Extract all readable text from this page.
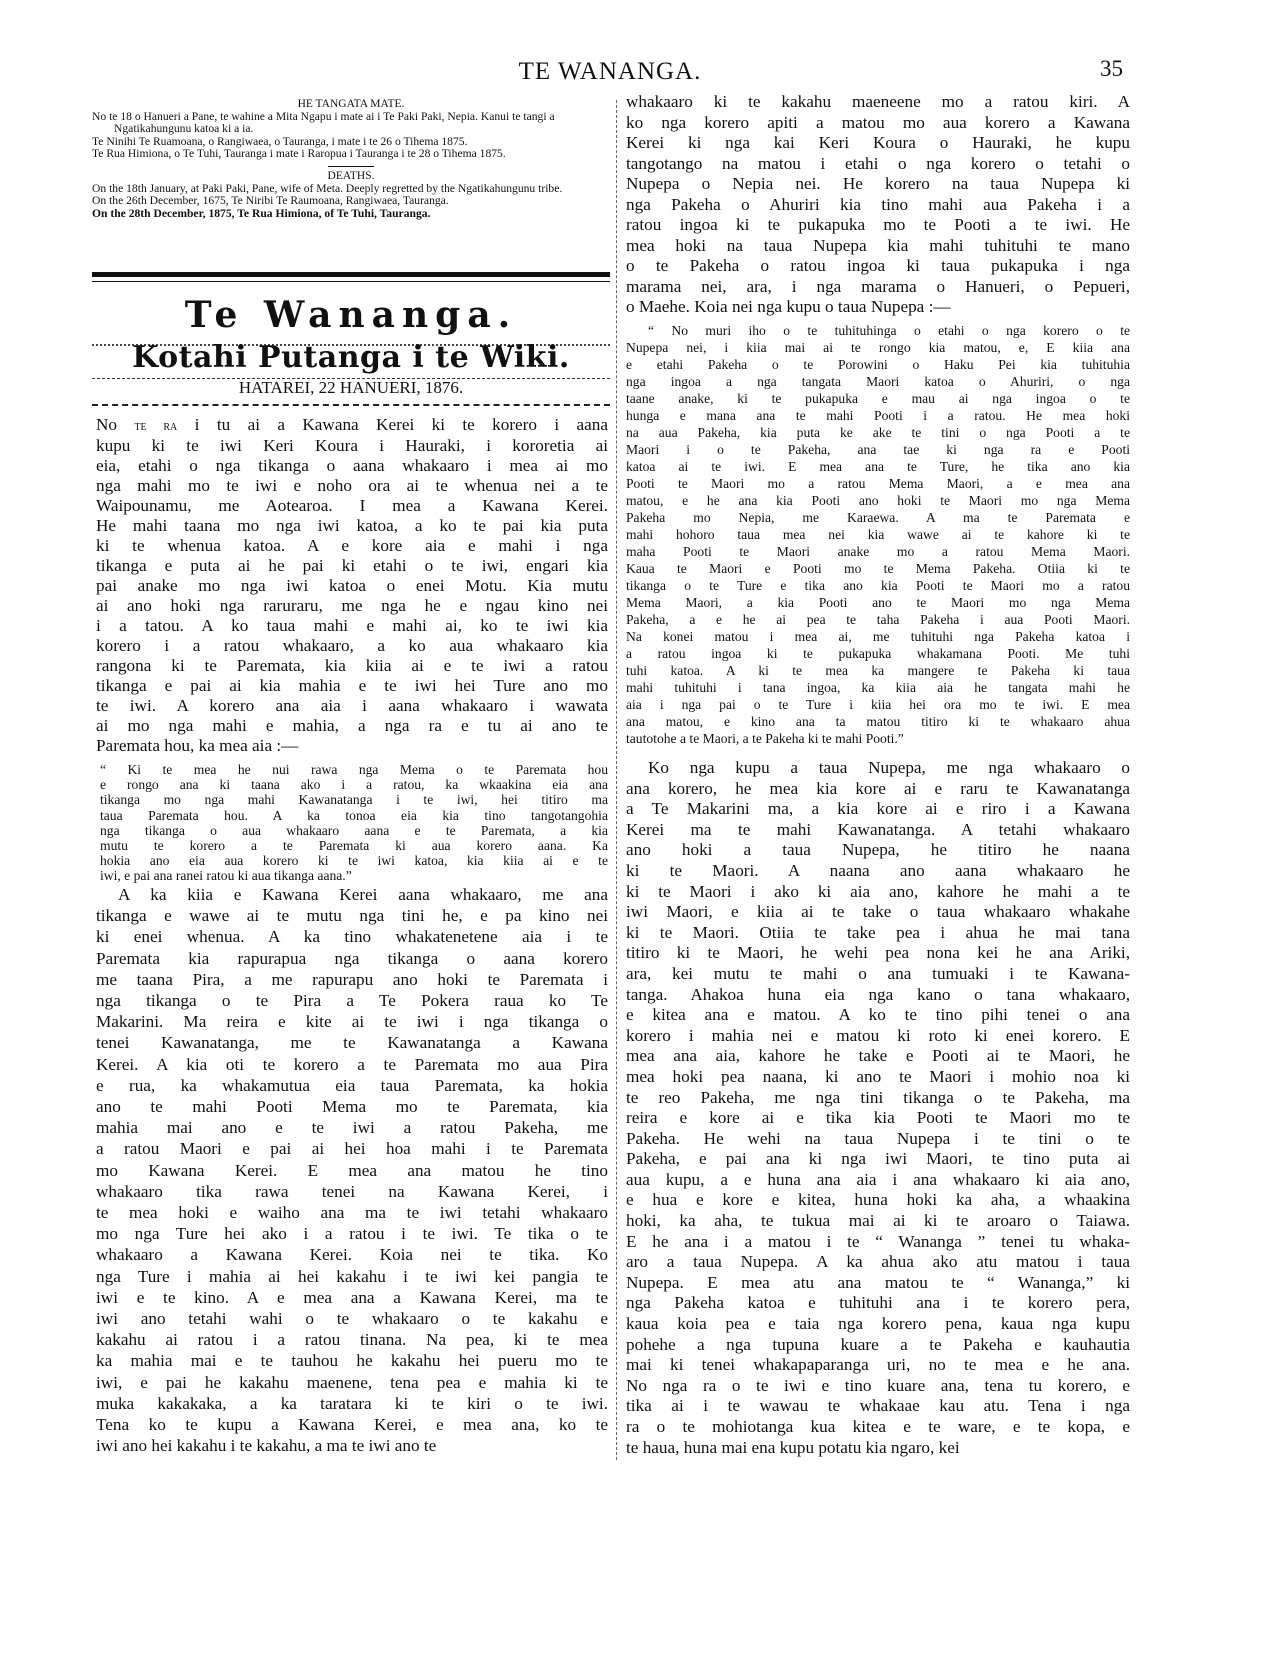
TE WANANGA.	35
HE TANGATA MATE.
No te 18 o Hanueri a Pane, te wahine a Mita Ngapu i mate ai i Te Paki Paki, Nepia. Kanui te tangi a Ngatikahungunu katoa ki a ia.
Te Ninihi Te Ruamoana, o Rangiwaea, o Tauranga, i mate i te 26 o Tihema 1875.
Te Rua Himiona, o Te Tuhi, Tauranga i mate i Raropua i Tauranga i te 28 o Tihema 1875.
DEATHS.
On the 18th January, at Paki Paki, Pane, wife of Meta. Deeply regretted by the Ngatikahungunu tribe.
On the 26th December, 1675, Te Niribi Te Raumoana, Rangiwaea, Tauranga.
On the 28th December, 1875, Te Rua Himiona, of Te Tuhi, Tauranga.
Te Wananga.
Kotahi Putanga i te Wiki.
HATAREI, 22 HANUERI, 1876.
No te ra i tu ai a Kawana Kerei ki te korero i aana
kupu ki te iwi Keri Koura i Hauraki, i kororetia ai
eia, etahi o nga tikanga o aana whakaaro i mea ai mo
nga mahi mo te iwi e noho ora ai te whenua nei a te
Waipounamu, me Aotearoa. I mea a Kawana Kerei.
He mahi taana mo nga iwi katoa, a ko te pai kia puta
ki te whenua katoa. A e kore aia e mahi i nga
tikanga e puta ai he pai ki etahi o te iwi, engari kia
pai anake mo nga iwi katoa o enei Motu. Kia mutu
ai ano hoki nga raruraru, me nga he e ngau kino nei
i a tatou. A ko taua mahi e mahi ai, ko te iwi kia
korero i a ratou whakaaro, a ko aua whakaaro kia
rangona ki te Paremata, kia kiia ai e te iwi a ratou
tikanga e pai ai kia mahia e te iwi hei Ture ano mo
te iwi. A korero ana aia i aana whakaaro i wawata
ai mo nga mahi e mahia, a nga ra e tu ai ano te
Paremata hou, ka mea aia :—
“ Ki te mea he nui rawa nga Mema o te Paremata hou
e rongo ana ki taana ako i a ratou, ka wkaakina eia ana
tikanga mo nga mahi Kawanatanga i te iwi, hei titiro ma
taua Paremata hou. A ka tonoa eia kia tino tangotangohia
nga tikanga o aua whakaaro aana e te Paremata, a kia
mutu te korero a te Paremata ki aua korero aana. Ka
hokia ano eia aua korero ki te iwi katoa, kia kiia ai e te
iwi, e pai ana ranei ratou ki aua tikanga aana.”
A ka kiia e Kawana Kerei aana whakaaro, me ana
tikanga e wawe ai te mutu nga tini he, e pa kino nei
ki enei whenua. A ka tino whakatenetene aia i te
Paremata kia rapurapua nga tikanga o aana korero
me taana Pira, a me rapurapu ano hoki te Paremata i
nga tikanga o te Pira a Te Pokera raua ko Te
Makarini. Ma reira e kite ai te iwi i nga tikanga o
tenei Kawanatanga, me te Kawanatanga a Kawana
Kerei. A kia oti te korero a te Paremata mo aua Pira
e rua, ka whakamutua eia taua Paremata, ka hokia
ano te mahi Pooti Mema mo te Paremata, kia
mahia mai ano e te iwi a ratou Pakeha, me
a ratou Maori e pai ai hei hoa mahi i te Paremata
mo Kawana Kerei. E mea ana matou he tino
whakaaro tika rawa tenei na Kawana Kerei, i
te mea hoki e waiho ana ma te iwi tetahi whakaaro
mo nga Ture hei ako i a ratou i te iwi. Te tika o te
whakaaro a Kawana Kerei. Koia nei te tika. Ko
nga Ture i mahia ai hei kakahu i te iwi kei pangia te
iwi e te kino. A e mea ana a Kawana Kerei, ma te
iwi ano tetahi wahi o te whakaaro o te kakahu e
kakahu ai ratou i a ratou tinana. Na pea, ki te mea
ka mahia mai e te tauhou he kakahu hei pueru mo te
iwi, e pai he kakahu maenene, tena pea e mahia ki te
muka kakakaka, a ka taratara ki te kiri o te iwi.
Tena ko te kupu a Kawana Kerei, e mea ana, ko te
iwi ano hei kakahu i te kakahu, a ma te iwi ano te
whakaaro ki te kakahu maeneene mo a ratou kiri. A
ko nga korero apiti a matou mo aua korero a Kawana
Kerei ki nga kai Keri Koura o Hauraki, he kupu
tangotango na matou i etahi o nga korero o tetahi o
Nupepa o Nepia nei. He korero na taua Nupepa ki
nga Pakeha o Ahuriri kia tino mahi aua Pakeha i a
ratou ingoa ki te pukapuka mo te Pooti a te iwi. He
mea hoki na taua Nupepa kia mahi tuhituhi te mano
o te Pakeha o ratou ingoa ki taua pukapuka i nga
marama nei, ara, i nga marama o Hanueri, o Pepueri,
o Maehe. Koia nei nga kupu o taua Nupepa :—
“ No muri iho o te tuhituhinga o etahi o nga korero o te
Nupepa nei, i kiia mai ai te rongo kia matou, e, E kiia ana
e etahi Pakeha o te Porowini o Haku Pei kia tuhituhia
nga ingoa a nga tangata Maori katoa o Ahuriri, o nga
taane anake, ki te pukapuka e mau ai nga ingoa o te
hunga e mana ana te mahi Pooti i a ratou. He mea hoki
na aua Pakeha, kia puta ke ake te tini o nga Pooti a te
Maori i o te Pakeha, ana tae ki nga ra e Pooti
katoa ai te iwi. E mea ana te Ture, he tika ano kia
Pooti te Maori mo a ratou Mema Maori, a e mea ana
matou, e he ana kia Pooti ano hoki te Maori mo nga Mema
Pakeha mo Nepia, me Karaewa. A ma te Paremata e
mahi hohoro taua mea nei kia wawe ai te kahore ki te
maha Pooti te Maori anake mo a ratou Mema Maori.
Kaua te Maori e Pooti mo te Mema Pakeha. Otiia ki te
tikanga o te Ture e tika ano kia Pooti te Maori mo a ratou
Mema Maori, a kia Pooti ano te Maori mo nga Mema
Pakeha, a e he ai pea te taha Pakeha i aua Pooti Maori.
Na konei matou i mea ai, me tuhituhi nga Pakeha katoa i
a ratou ingoa ki te pukapuka whakamana Pooti. Me tuhi
tuhi katoa. A ki te mea ka mangere te Pakeha ki taua
mahi tuhituhi i tana ingoa, ka kiia aia he tangata mahi he
aia i nga pai o te Ture i kiia hei ora mo te iwi. E mea
ana matou, e kino ana ta matou titiro ki te whakaaro ahua
tautotohe a te Maori, a te Pakeha ki te mahi Pooti.”
Ko nga kupu a taua Nupepa, me nga whakaaro o
ana korero, he mea kia kore ai e raru te Kawanatanga
a Te Makarini ma, a kia kore ai e riro i a Kawana
Kerei ma te mahi Kawanatanga. A tetahi whakaaro
ano hoki a taua Nupepa, he titiro he naana
ki te Maori. A naana ano aana whakaaro he
ki te Maori i ako ki aia ano, kahore he mahi a te
iwi Maori, e kiia ai te take o taua whakaaro whakahe
ki te Maori. Otiia te take pea i ahua he mai tana
titiro ki te Maori, he wehi pea nona kei he ana Ariki,
ara, kei mutu te mahi o ana tumuaki i te Kawana-
tanga. Ahakoa huna eia nga kano o tana whakaaro,
e kitea ana e matou. A ko te tino pihi tenei o ana
korero i mahia nei e matou ki roto ki enei korero. E
mea ana aia, kahore he take e Pooti ai te Maori, he
mea hoki pea naana, ki ano te Maori i mohio noa ki
te reo Pakeha, me nga tini tikanga o te Pakeha, ma
reira e kore ai e tika kia Pooti te Maori mo te
Pakeha. He wehi na taua Nupepa i te tini o te
Pakeha, e pai ana ki nga iwi Maori, te tino puta ai
aua kupu, a e huna ana aia i ana whakaaro ki aia ano,
e hua e kore e kitea, huna hoki ka aha, a whaakina
hoki, ka aha, te tukua mai ai ki te aroaro o Taiawa.
E he ana i a matou i te “ Wananga ” tenei tu whaka-
aro a taua Nupepa. A ka ahua ako atu matou i taua
Nupepa. E mea atu ana matou te “ Wananga,” ki
nga Pakeha katoa e tuhituhi ana i te korero pera,
kaua koia pea e taia nga korero pena, kaua nga kupu
pohehe a nga tupuna kuare a te Pakeha e kauhautia
mai ki tenei whakapaparanga uri, no te mea e he ana.
No nga ra o te iwi e tino kuare ana, tena tu korero, e
tika ai i te wawau te whakaae kau atu. Tena i nga
ra o te mohiotanga kua kitea e te ware, e te kopa, e
te haua, huna mai ena kupu potatu kia ngaro, kei
